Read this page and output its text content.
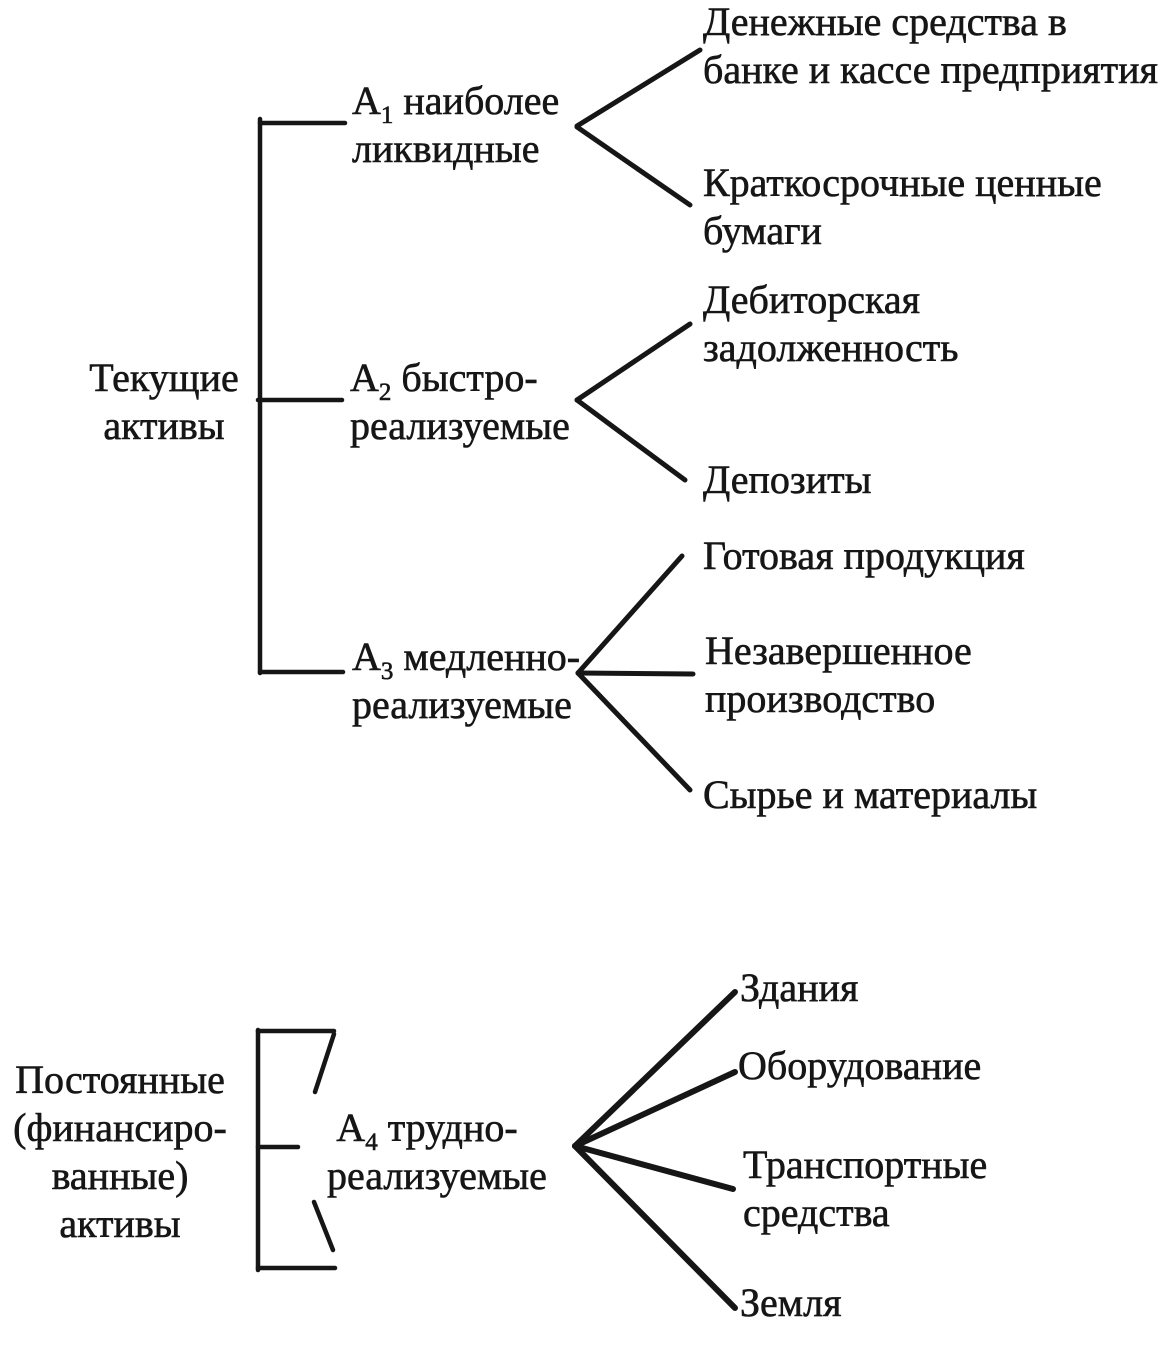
Текущие
активы
Постоянные
(финансиро-
ванные)
активы
$А_1$ наиболее
ликвидные
$А_2$ быстро-
реализуемые
$А_3$ медленно-
реализуемые
$А_4$ трудно-
реализуемые
Денежные средства в
банке и кассе предприятия
Краткосрочные ценные
бумаги
Дебиторская
задолженность
Депозиты
Готовая продукция
Незавершенное
производство
Сырье и материалы
Здания
Оборудование
Транспортные
средства
Земля
